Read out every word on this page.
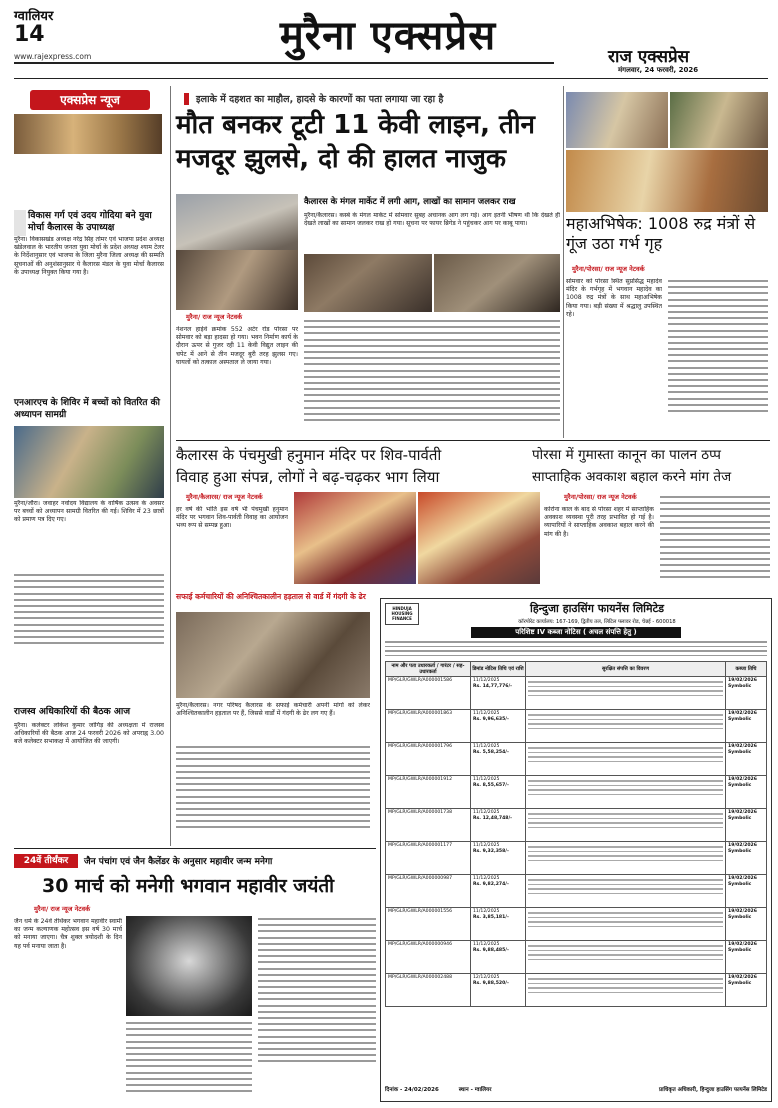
ग्वालियर
14
www.rajexpress.com	मुरैना एक्सप्रेस	राज एक्सप्रेस
मंगलवार, 24 फरवरी, 2026
एक्सप्रेस न्यूज
विकास गर्ग एवं उदय गोदिया बने युवा मोर्चा कैलारस के उपाध्यक्ष
मुरैना। विकासखंड अध्यक्ष नरेंद्र सिंह तोमर एवं भाजपा प्रदेश अध्यक्ष खंडेलवाल के भारतीय जनता युवा मोर्चा के प्रदेश अध्यक्ष श्याम टेलर के निर्देशानुसार एवं भाजपा के जिला मुरैना जिला अध्यक्ष की सम्मति सूचनाओं की अनुशंसानुसार ये कैलारस मंडल के युवा मोर्चा कैलारस के उपाध्यक्ष नियुक्त किया गया है।
एनआरएच के शिविर में बच्चों को वितरित की अध्यापन सामग्री
मुरैना/जौरा। जवाहर नवोदय विद्यालय के वार्षिक उत्सव के अवसर पर बच्चों को अध्यापन सामग्री वितरित की गई। शिविर में 23 छात्रों को प्रमाण पत्र दिए गए।
राजस्व अधिकारियों की बैठक आज
मुरैना। कलेक्टर लोकेश कुमार जांगिड़ की अध्यक्षता में राजस्व अधिकारियों की बैठक आज 24 फरवरी 2026 को अपराह्न 3.00 बजे कलेक्टर सभाकक्ष में आयोजित की जाएगी।
इलाके में दहशत का माहौल, हादसे के कारणों का पता लगाया जा रहा है
मौत बनकर टूटी 11 केवी लाइन, तीन
मजदूर झुलसे, दो की हालत नाजुक
मुरैना/ राज न्यूज नेटवर्क
नेशनल हाईवे क्रमांक 552 अटेर रोड पोरसा पर सोमवार को बड़ा हादसा हो गया। भवन निर्माण कार्य के दौरान ऊपर से गुजर रही 11 केवी विद्युत लाइन की चपेट में आने से तीन मजदूर बुरी तरह झुलस गए। घायलों को तत्काल अस्पताल ले जाया गया।
कैलारस के मंगल मार्केट में लगी आग, लाखों का सामान जलकर राख
मुरैना/कैलारस। कस्बे के मंगल मार्केट में सोमवार सुबह अचानक आग लग गई। आग इतनी भीषण थी कि देखते ही देखते लाखों का सामान जलकर राख हो गया। सूचना पर फायर ब्रिगेड ने पहुंचकर आग पर काबू पाया।	महाअभिषेक: 1008 रुद्र मंत्रों से गूंज उठा गर्भ गृह
मुरैना/पोरसा/ राज न्यूज नेटवर्क
सोमवार को पोरसा स्थित सुप्रसिद्ध महादेव मंदिर के गर्भगृह में भगवान महादेव का 1008 रुद्र मंत्रों के साथ महाअभिषेक किया गया। बड़ी संख्या में श्रद्धालु उपस्थित रहे।
कैलारस के पंचमुखी हनुमान मंदिर पर शिव-पार्वती
विवाह हुआ संपन्न, लोगों ने बढ़-चढ़कर भाग लिया
मुरैना/कैलारस/ राज न्यूज नेटवर्क
हर वर्ष की भांति इस वर्ष भी पंचमुखी हनुमान मंदिर पर भगवान शिव-पार्वती विवाह का आयोजन भव्य रूप से सम्पन्न हुआ।
पोरसा में गुमास्ता कानून का पालन ठप्प
साप्ताहिक अवकाश बहाल करने मांग तेज
मुरैना/पोरसा/ राज न्यूज नेटवर्क
कोरोना काल के बाद से पोरसा शहर में साप्ताहिक अवकाश व्यवस्था पूरी तरह प्रभावित हो गई है। व्यापारियों ने साप्ताहिक अवकाश बहाल करने की मांग की है।
सफाई कर्मचारियों की अनिश्चितकालीन हड़ताल से वार्ड में गंदगी के ढेर
मुरैना/कैलारस। नगर परिषद कैलारस के सफाई कर्मचारी अपनी मांगों को लेकर अनिश्चितकालीन हड़ताल पर हैं, जिससे वार्डों में गंदगी के ढेर लग गए हैं।
24वें तीर्थंकर	जैन पंचांग एवं जैन कैलेंडर के अनुसार महावीर जन्म मनेगा
30 मार्च को मनेगी भगवान महावीर जयंती
मुरैना/ राज न्यूज नेटवर्क
जैन धर्म के 24वें तीर्थंकर भगवान महावीर स्वामी का जन्म कल्याणक महोत्सव इस वर्ष 30 मार्च को मनाया जाएगा। चैत्र शुक्ल त्रयोदशी के दिन यह पर्व मनाया जाता है।
HINDUJA HOUSING FINANCE
हिन्दुजा हाउसिंग फायनेंस लिमिटेड
कॉरपोरेट कार्यालय: 167-169, द्वितीय तल, लिटिल फ्लावर रोड, चेन्नई - 600018
परिशिष्ट IV कब्जा नोटिस ( अचल संपत्ति हेतु )
नाम और पता उधारकर्ता / गारंटर / सह-उधारकर्ता	डिमांड नोटिस तिथि एवं राशि	सुरक्षित संपत्ति का विवरण	कब्जा तिथि
MP/GLR/GWLR/A000001586	11/12/2025
Rs. 14,77,776/-		19/02/2026 Symbolic
MP/GLR/GWLR/A000001863	11/12/2025
Rs. 9,96,635/-		19/02/2026 Symbolic
MP/GLR/GWLR/A000001796	11/12/2025
Rs. 5,58,254/-		19/02/2026 Symbolic
MP/GLR/GWLR/A000001912	11/12/2025
Rs. 8,55,657/-		19/02/2026 Symbolic
MP/GLR/GWLR/A000001738	11/12/2025
Rs. 12,48,748/-		19/02/2026 Symbolic
MP/GLR/GWLR/A000001177	11/12/2025
Rs. 9,32,358/-		19/02/2026 Symbolic
MP/GLR/GWLR/A000000987	11/12/2025
Rs. 9,82,274/-		19/02/2026 Symbolic
MP/GLR/GWLR/A000001556	11/12/2025
Rs. 3,85,181/-		19/02/2026 Symbolic
MP/GLR/GWLR/A000000946	11/12/2025
Rs. 9,88,485/-		19/02/2026 Symbolic
MP/GLR/GWLR/A000002488	12/12/2025
Rs. 9,88,520/-		19/02/2026 Symbolic
दिनांक - 24/02/2026	स्थान - ग्वालियर	प्राधिकृत अधिकारी, हिन्दुजा हाउसिंग फायनेंस लिमिटेड
